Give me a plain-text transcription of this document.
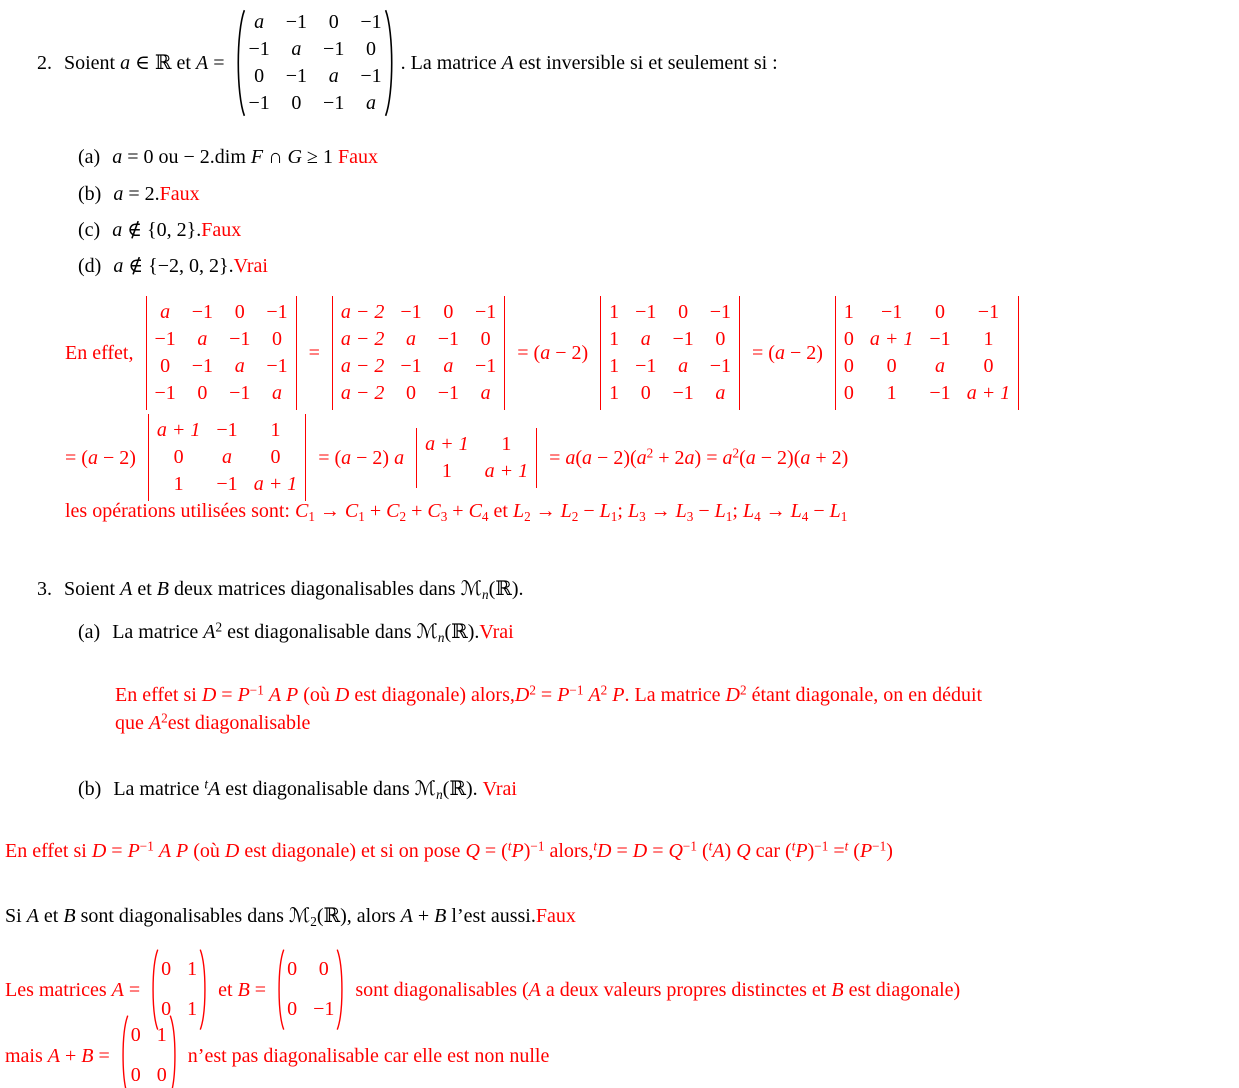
2. Soient a ∈ ℝ et A =
a −1 0 −1
−1 a −1 0
0 −1 a −1
−1 0 −1 a
. La matrice A est inversible si et seulement si :
(a) a = 0 ou − 2.dim F ∩ G ≥ 1 Faux
(b) a = 2. Faux
(c) a ∉ {0, 2}. Faux
(d) a ∉ {−2, 0, 2}. Vrai
En effet,
a −1 0 −1
−1 a −1 0
0 −1 a −1
−1 0 −1 a
=
a − 2 −1 0 −1
a − 2 a −1 0
a − 2 −1 a −1
a − 2 0 −1 a
= (a − 2)
1 −1 0 −1
1 a −1 0
1 −1 a −1
1 0 −1 a
= (a − 2)
1 −1 0 −1
0 a + 1 −1 1
0 0 a 0
0 1 −1 a + 1
= (a − 2)
a + 1 −1 1
0 a 0
1 −1 a + 1
= (a − 2) a
a + 1 1
1 a + 1
= $a(a - 2)(a^2 + 2a) = a^2(a - 2)(a + 2)$
les opérations utilisées sont: C1 → C1 + C2 + C3 + C4 et L2 → L2 − L1; L3 → L3 − L1; L4 → L4 − L1
3. Soient A et B deux matrices diagonalisables dans ℳn(ℝ).
(a) La matrice $A^2$ est diagonalisable dans ℳn(ℝ). Vrai
En effet si $D = P^{-1}$ A P (où D est diagonale) $alors,D^2 = P^{-1}$ $A^2$ P. La matrice $D^2$ étant diagonale, on en déduit
que $A^2est$ diagonalisable
(b) La matrice $^t$A est diagonalisable dans ℳn(ℝ). Vrai
En effet si $D = P^{-1}$ A P (où D est diagonale) et si on pose $Q = (^tP)^{-1}$ alors,$^t$D = $D = Q^{-1}$ ($^t$A) Q car $(^tP)^{-1} =^t$ $(P^{-1})$
Si A et B sont diagonalisables dans ℳ2(ℝ), alors A + B l’est aussi. Faux
Les matrices A =
0 1
0 1
et B =
0 0
0 −1
sont diagonalisables (A a deux valeurs propres distinctes et B est diagonale)
mais A + B =
0 1
0 0
n’est pas diagonalisable car elle est non nulle
